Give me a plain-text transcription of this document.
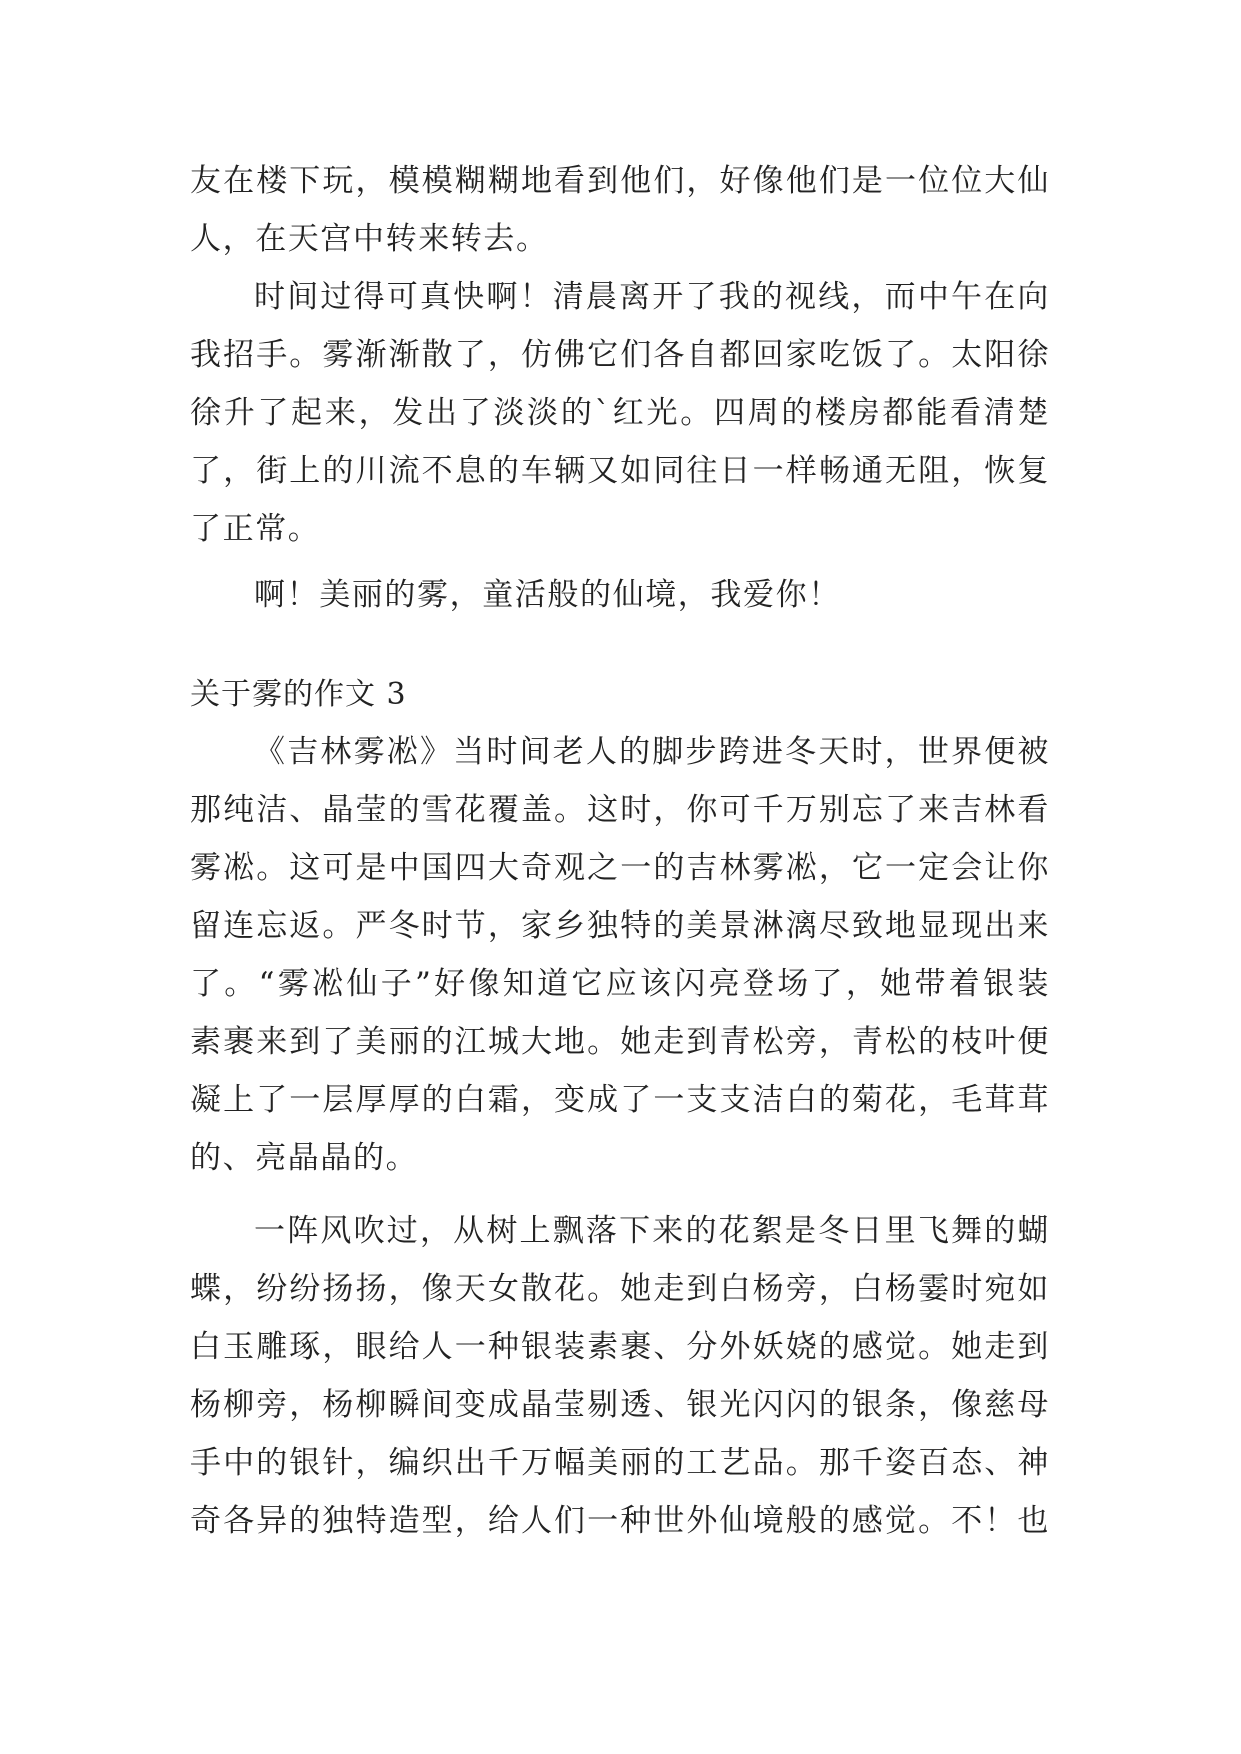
友在楼下玩，模模糊糊地看到他们，好像他们是一位位大仙
人，在天宫中转来转去。
时间过得可真快啊！清晨离开了我的视线，而中午在向
我招手。雾渐渐散了，仿佛它们各自都回家吃饭了。太阳徐
徐升了起来，发出了淡淡的`红光。四周的楼房都能看清楚
了，街上的川流不息的车辆又如同往日一样畅通无阻，恢复
了正常。
啊！美丽的雾，童活般的仙境，我爱你！
关于雾的作文 3
《吉林雾凇》当时间老人的脚步跨进冬天时，世界便被
那纯洁、晶莹的雪花覆盖。这时，你可千万别忘了来吉林看
雾凇。这可是中国四大奇观之一的吉林雾凇，它一定会让你
留连忘返。严冬时节，家乡独特的美景淋漓尽致地显现出来
了。“雾凇仙子”好像知道它应该闪亮登场了，她带着银装
素裹来到了美丽的江城大地。她走到青松旁，青松的枝叶便
凝上了一层厚厚的白霜，变成了一支支洁白的菊花，毛茸茸
的、亮晶晶的。
一阵风吹过，从树上飘落下来的花絮是冬日里飞舞的蝴
蝶，纷纷扬扬，像天女散花。她走到白杨旁，白杨霎时宛如
白玉雕琢，眼给人一种银装素裹、分外妖娆的感觉。她走到
杨柳旁，杨柳瞬间变成晶莹剔透、银光闪闪的银条，像慈母
手中的银针，编织出千万幅美丽的工艺品。那千姿百态、神
奇各异的独特造型，给人们一种世外仙境般的感觉。不！也
